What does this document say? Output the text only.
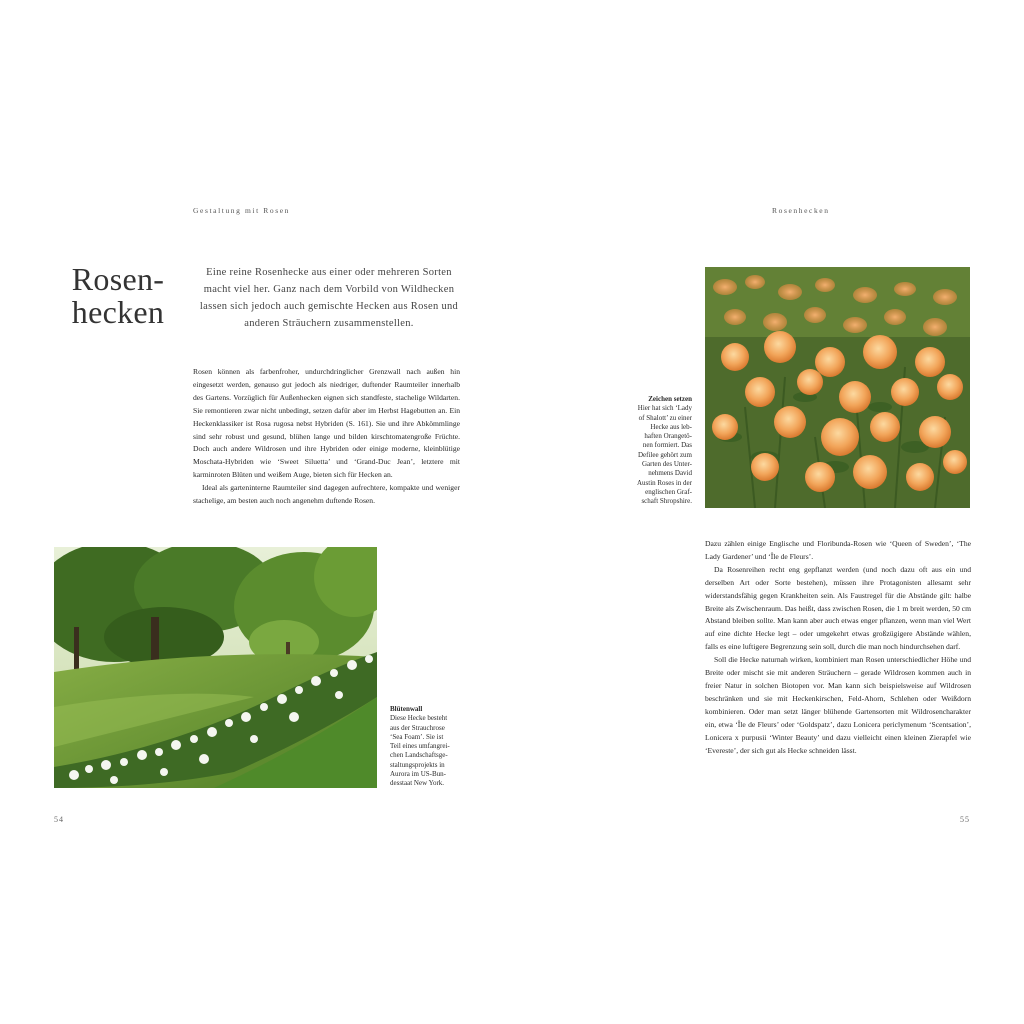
Gestaltung mit Rosen
Rosen-
hecken
Eine reine Rosenhecke aus einer oder mehreren Sorten macht viel her. Ganz nach dem Vorbild von Wildhecken lassen sich jedoch auch gemischte Hecken aus Rosen und anderen Sträuchern zusammenstellen.

Rosen können als farbenfroher, undurchdringlicher Grenzwall nach außen hin eingesetzt werden, genauso gut jedoch als niedriger, duftender Raumteiler innerhalb des Gartens. Vorzüglich für Außenhecken eignen sich standfeste, stachelige Wildarten. Sie remontieren zwar nicht unbedingt, setzen dafür aber im Herbst Hagebutten an. Ein Heckenklassiker ist Rosa rugosa nebst Hybriden (S. 161). Sie und ihre Abkömmlinge sind sehr robust und gesund, blühen lange und bilden kirschtomatengroße Früchte. Doch auch andere Wildrosen und ihre Hybriden oder einige moderne, kleinblütige Moschata-Hybriden wie ‘Sweet Siluetta’ und ‘Grand-Duc Jean’, letztere mit karminroten Blüten und weißem Auge, bieten sich für Hecken an.

Ideal als garteninterne Raumteiler sind dagegen aufrechtere, kompakte und weniger stachelige, am besten auch noch angenehm duftende Rosen.

Blütenwall
Diese Hecke besteht
aus der Strauchrose
‘Sea Foam’. Sie ist
Teil eines umfangrei-
chen Landschaftsge-
staltungsprojekts in
Aurora im US-Bun-
desstaat New York.
54
Rosenhecken
Zeichen setzen
Hier hat sich ‘Lady
of Shalott’ zu einer
Hecke aus leb-
haften Orangetö-
nen formiert. Das
Defilee gehört zum
Garten des Unter-
nehmens David
Austin Roses in der
englischen Graf-
schaft Shropshire.

Dazu zählen einige Englische und Floribunda-Rosen wie ‘Queen of Sweden’, ‘The Lady Gardener’ und ‘Île de Fleurs’.

Da Rosenreihen recht eng gepflanzt werden (und noch dazu oft aus ein und derselben Art oder Sorte bestehen), müssen ihre Protagonisten allesamt sehr widerstandsfähig gegen Krankheiten sein. Als Faustregel für die Abstände gilt: halbe Breite als Zwischenraum. Das heißt, dass zwischen Rosen, die 1 m breit werden, 50 cm Abstand bleiben sollte. Man kann aber auch etwas enger pflanzen, wenn man viel Wert auf eine dichte Hecke legt – oder umgekehrt etwas großzügigere Abstände wählen, falls es eine luftigere Begrenzung sein soll, durch die man noch hindurchsehen darf.

Soll die Hecke naturnah wirken, kombiniert man Rosen unterschiedlicher Höhe und Breite oder mischt sie mit anderen Sträuchern – gerade Wildrosen kommen auch in freier Natur in solchen Biotopen vor. Man kann sich beispielsweise auf Wildrosen beschränken und sie mit Heckenkirschen, Feld-Ahorn, Schlehen oder Weißdorn kombinieren. Oder man setzt länger blühende Gartensorten mit Wildrosencharakter ein, etwa ‘Île de Fleurs’ oder ‘Goldspatz’, dazu Lonicera periclymenum ‘Scentsation’, Lonicera x purpusii ‘Winter Beauty’ und dazu vielleicht einen kleinen Zierapfel wie ‘Evereste’, der sich gut als Hecke schneiden lässt.

55
